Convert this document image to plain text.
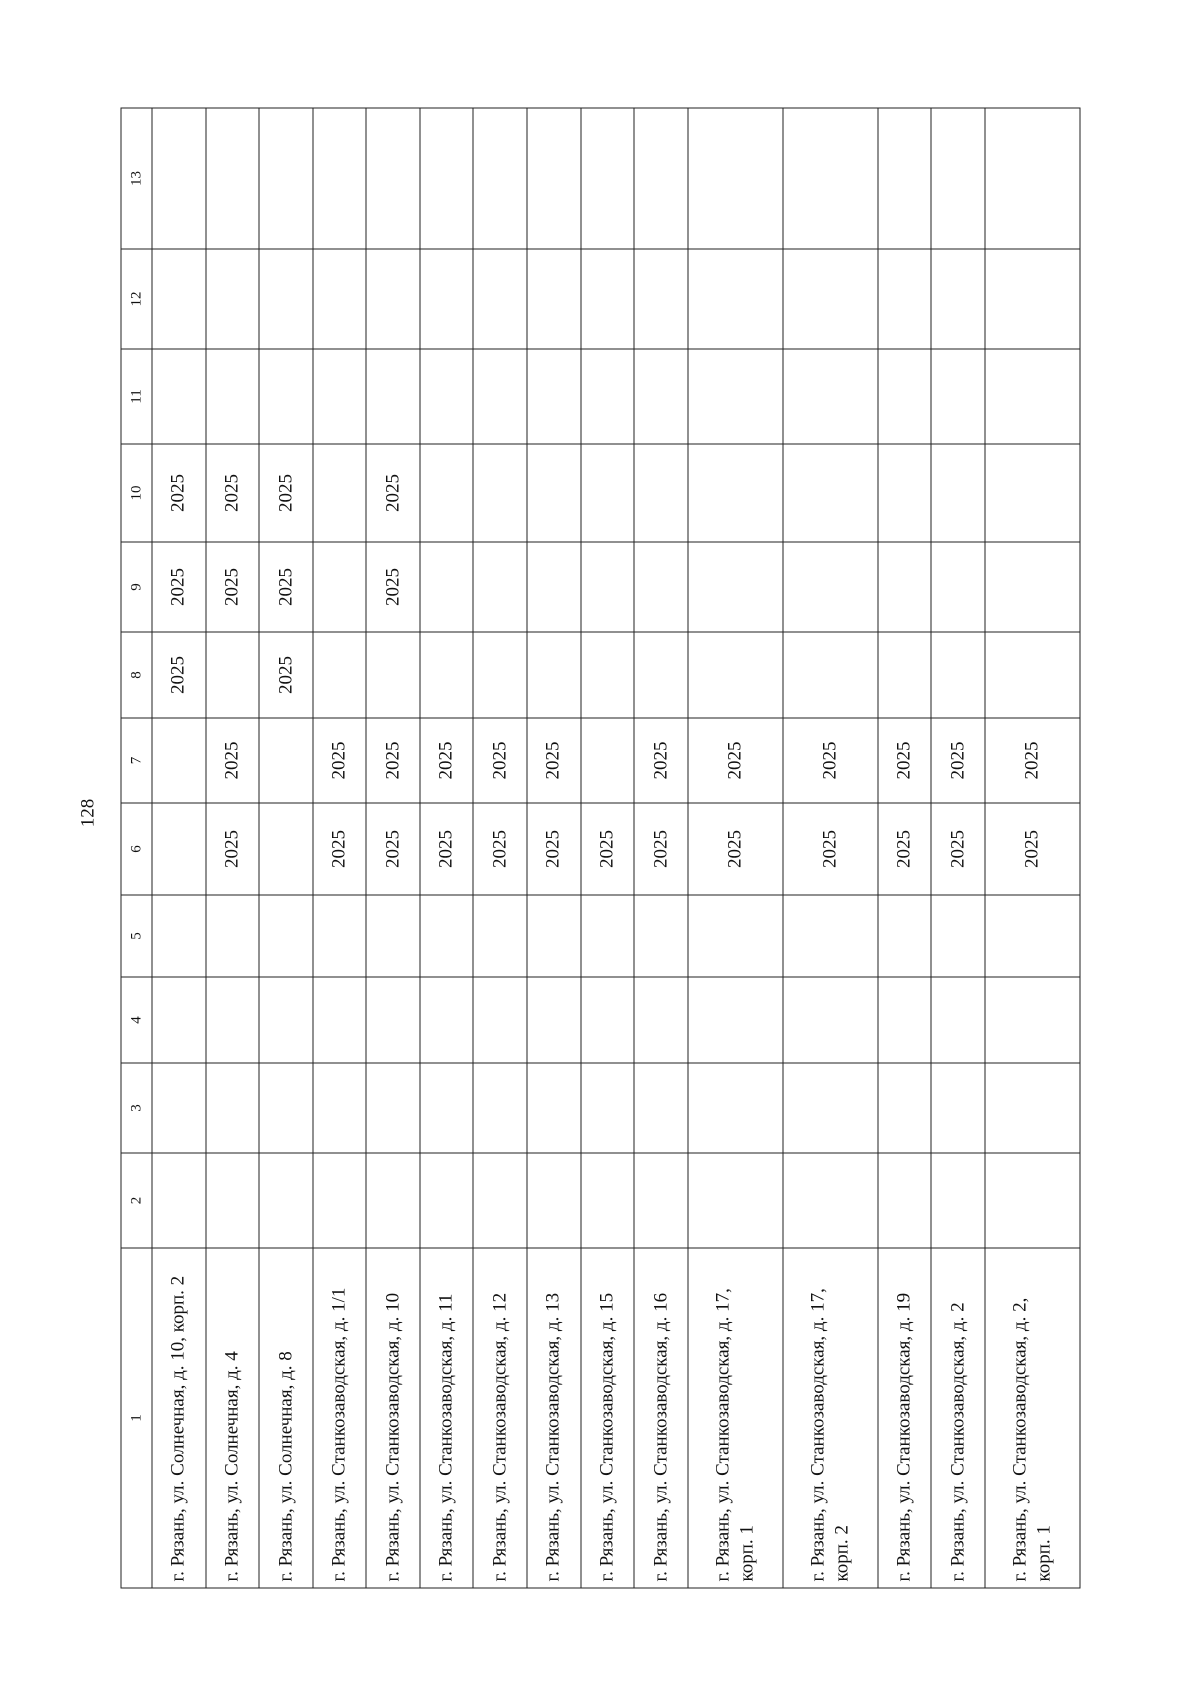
128
1	2	3	4	5	6	7	8	9	10	11	12	13
г. Рязань, ул. Солнечная, д. 10, корп. 2							2025	2025	2025			
г. Рязань, ул. Солнечная, д. 4					2025	2025		2025	2025			
г. Рязань, ул. Солнечная, д. 8							2025	2025	2025			
г. Рязань, ул. Станкозаводская, д. 1/1					2025	2025						
г. Рязань, ул. Станкозаводская, д. 10					2025	2025		2025	2025			
г. Рязань, ул. Станкозаводская, д. 11					2025	2025						
г. Рязань, ул. Станкозаводская, д. 12					2025	2025						
г. Рязань, ул. Станкозаводская, д. 13					2025	2025						
г. Рязань, ул. Станкозаводская, д. 15					2025							
г. Рязань, ул. Станкозаводская, д. 16					2025	2025						
г. Рязань, ул. Станкозаводская, д. 17, корп. 1					2025	2025						
г. Рязань, ул. Станкозаводская, д. 17, корп. 2					2025	2025						
г. Рязань, ул. Станкозаводская, д. 19					2025	2025						
г. Рязань, ул. Станкозаводская, д. 2					2025	2025						
г. Рязань, ул. Станкозаводская, д. 2, корп. 1					2025	2025						
